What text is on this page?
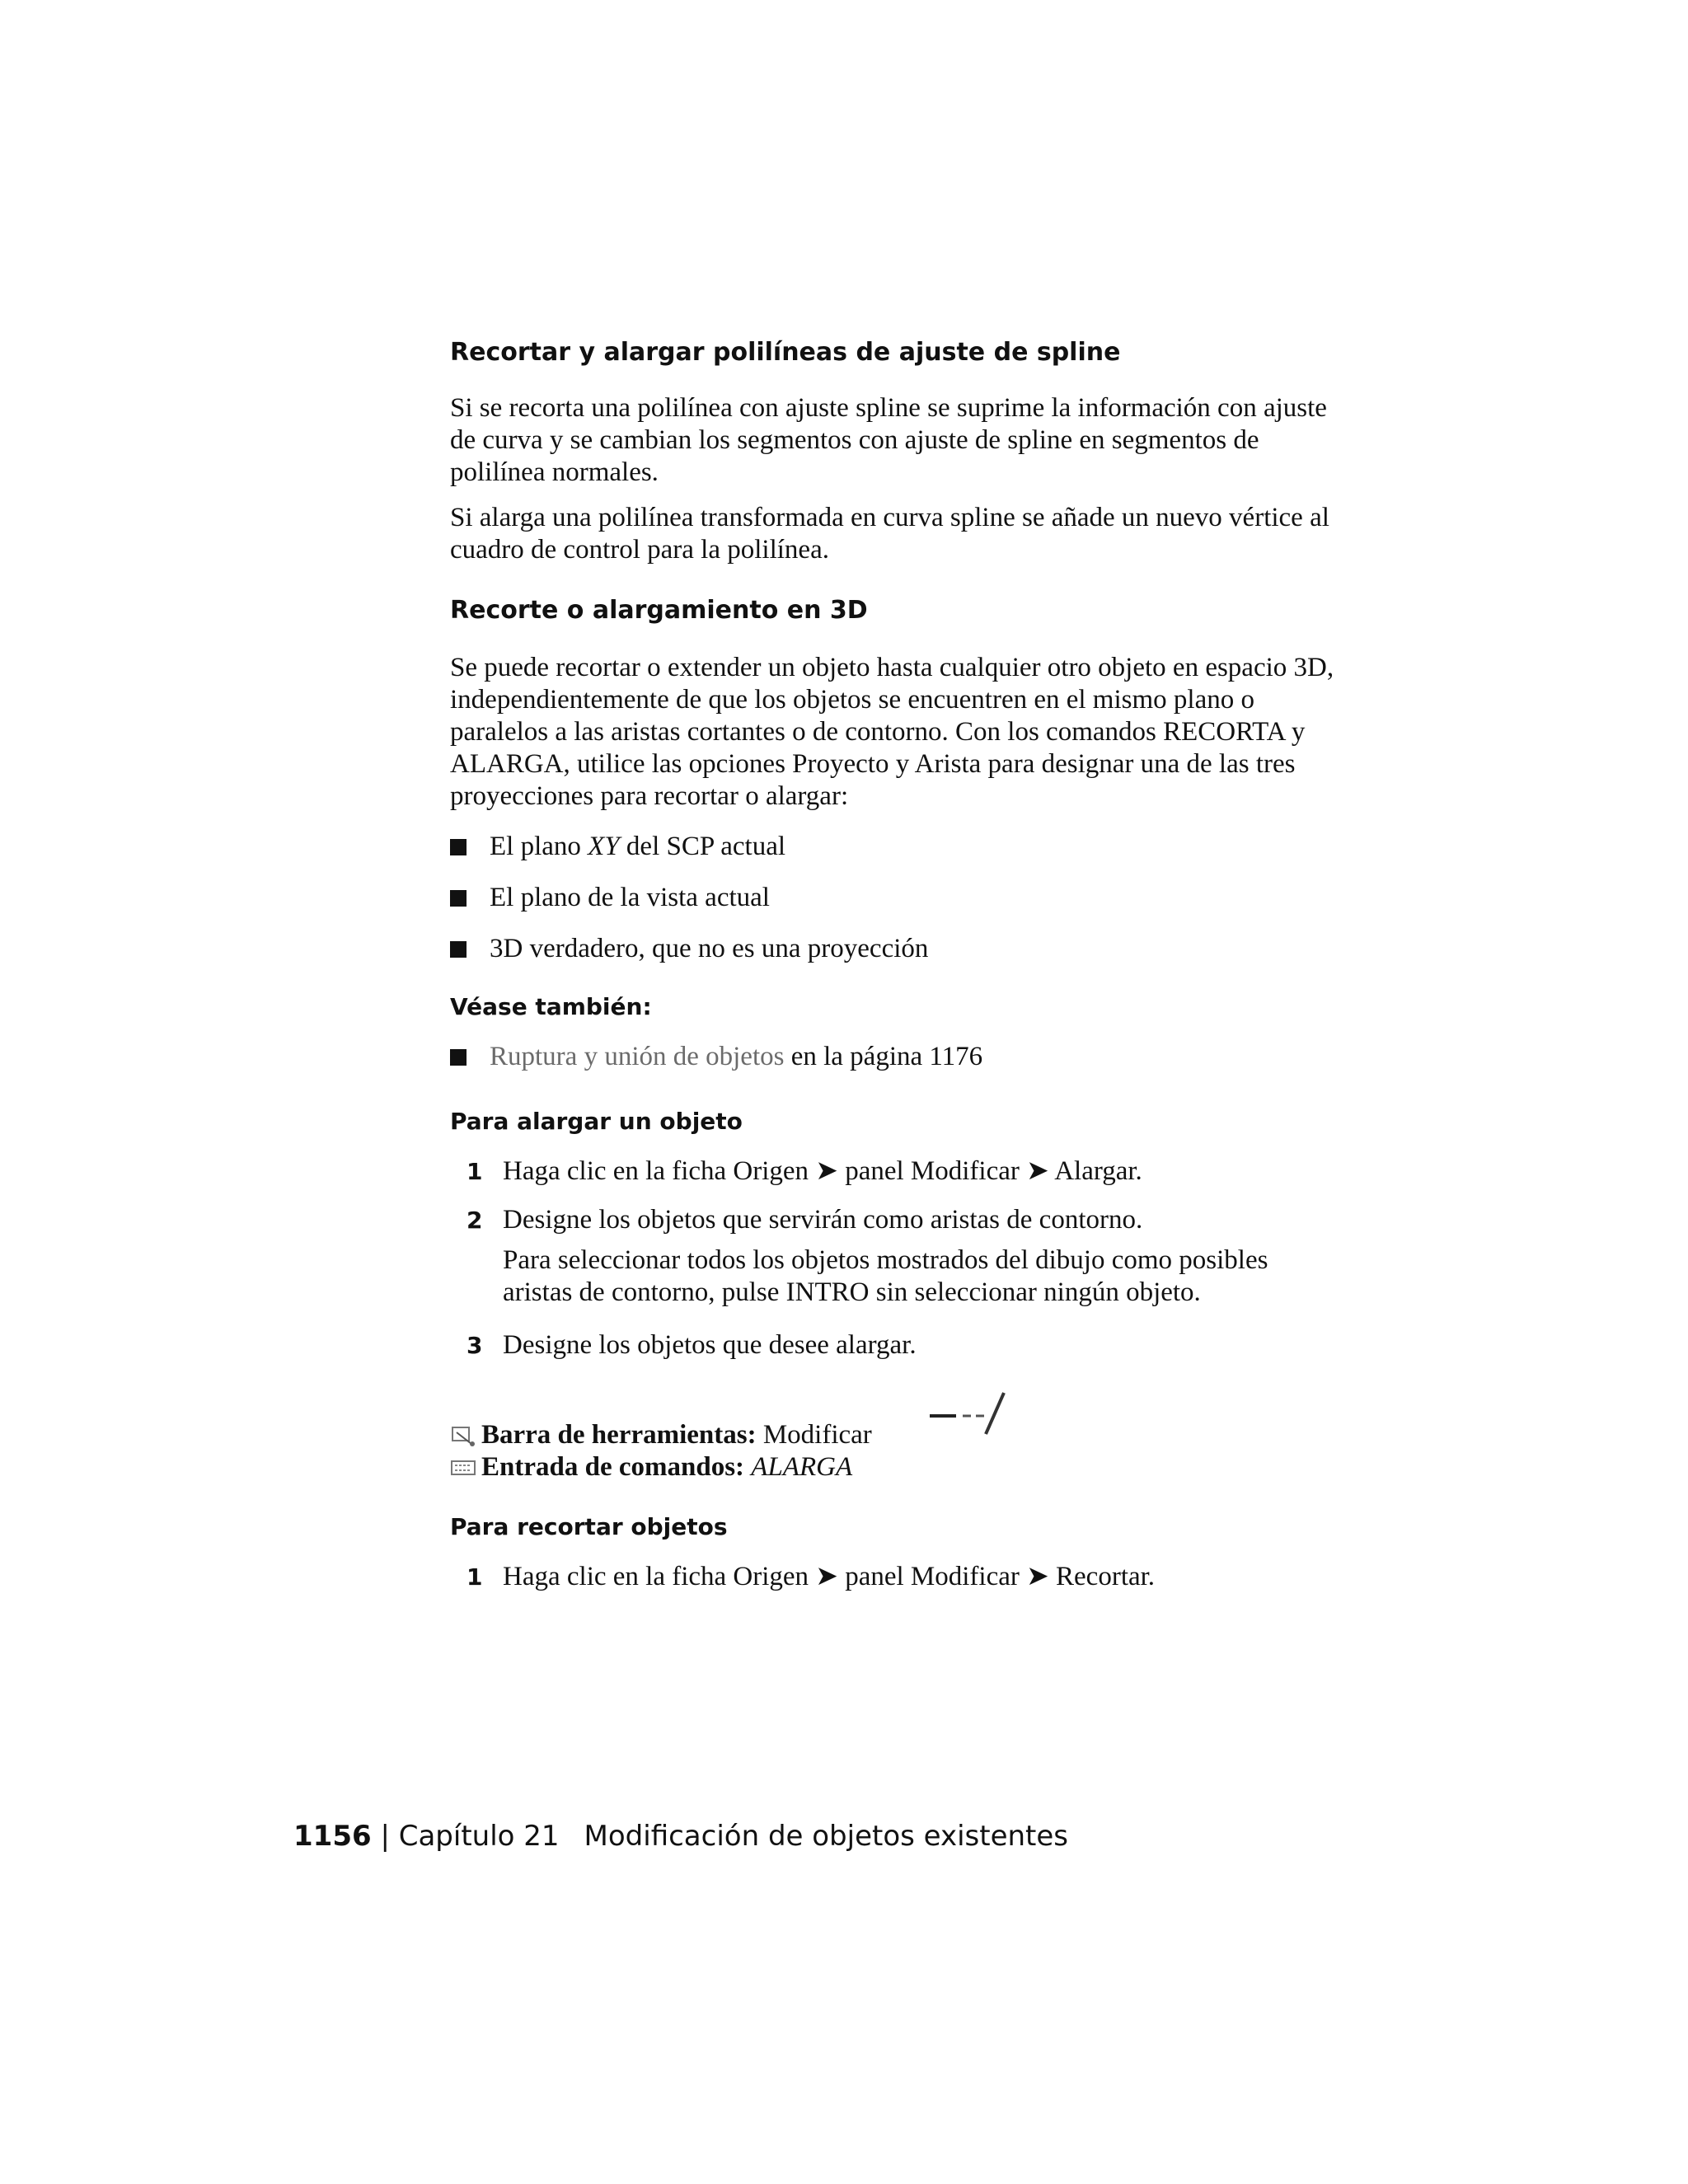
Recortar y alargar polilíneas de ajuste de spline

Si se recorta una polilínea con ajuste spline se suprime la información con ajuste de curva y se cambian los segmentos con ajuste de spline en segmentos de polilínea normales.

Si alarga una polilínea transformada en curva spline se añade un nuevo vértice al cuadro de control para la polilínea.

Recorte o alargamiento en 3D

Se puede recortar o extender un objeto hasta cualquier otro objeto en espacio 3D, independientemente de que los objetos se encuentren en el mismo plano o paralelos a las aristas cortantes o de contorno. Con los comandos RECORTA y ALARGA, utilice las opciones Proyecto y Arista para designar una de las tres proyecciones para recortar o alargar:

El plano XY del SCP actual
El plano de la vista actual
3D verdadero, que no es una proyección
Véase también:
Ruptura y unión de objetos en la página 1176
Para alargar un objeto
1 Haga clic en la ficha Origen ➤ panel Modificar ➤ Alargar.
2 Designe los objetos que servirán como aristas de contorno.
Para seleccionar todos los objetos mostrados del dibujo como posibles aristas de contorno, pulse INTRO sin seleccionar ningún objeto.
3 Designe los objetos que desee alargar.
Barra de herramientas: Modificar
Entrada de comandos:
ALARGA
Para recortar objetos
1 Haga clic en la ficha Origen ➤ panel Modificar ➤ Recortar.
1156 | Capítulo 21 Modificación de objetos existentes
